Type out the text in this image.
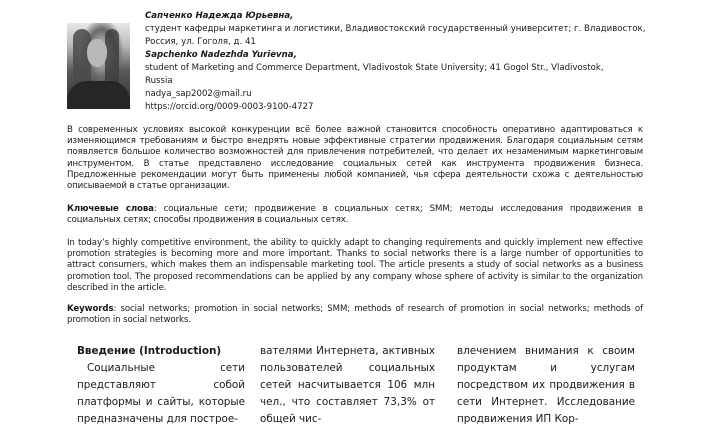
Сапченко Надежда Юрьевна,
студент кафедры маркетинга и логистики, Владивостокский государственный университет; г. Владивосток,
Россия, ул. Гоголя, д. 41
Sapchenko Nadezhda Yurievna,
student of Marketing and Commerce Department, Vladivostok State University; 41 Gogol Str., Vladivostok,
Russia
nadya_sap2002@mail.ru
https://orcid.org/0009-0003-9100-4727
В современных условиях высокой конкуренции всё более важной становится способность оперативно адаптироваться к изменяющимся требованиям и быстро внедрять новые эффективные стратегии продвижения. Благодаря социальным сетям появляется большое количество возможностей для привлечения потребителей, что делает их незаменимым маркетинговым инструментом. В статье представлено исследование социальных сетей как инструмента продвижения бизнеса. Предложенные рекомендации могут быть применены любой компанией, чья сфера деятельности схожа с деятельностью описываемой в статье организации.
Ключевые слова: социальные сети; продвижение в социальных сетях; SMM; методы исследования продвижения в социальных сетях; способы продвижения в социальных сетях.
In today’s highly competitive environment, the ability to quickly adapt to changing requirements and quickly implement new effective promotion strategies is becoming more and more important. Thanks to social networks there is a large number of opportunities to attract consumers, which makes them an indispensable marketing tool. The article presents a study of social networks as a business promotion tool. The proposed recommendations can be applied by any company whose sphere of activity is similar to the organization described in the article.
Keywords: social networks; promotion in social networks; SMM; methods of research of promotion in social networks; methods of promotion in social networks.
Введение (Introduction)
Социальные сети представляют собой платформы и сайты, которые предназначены для построе-
вателями Интернета, активных пользователей социальных сетей насчитывается 106 млн чел., что составляет 73,3% от общей чис-
влечением внимания к своим продуктам и услугам посредством их продвижения в сети Интернет. Исследование продвижения ИП Кор-
